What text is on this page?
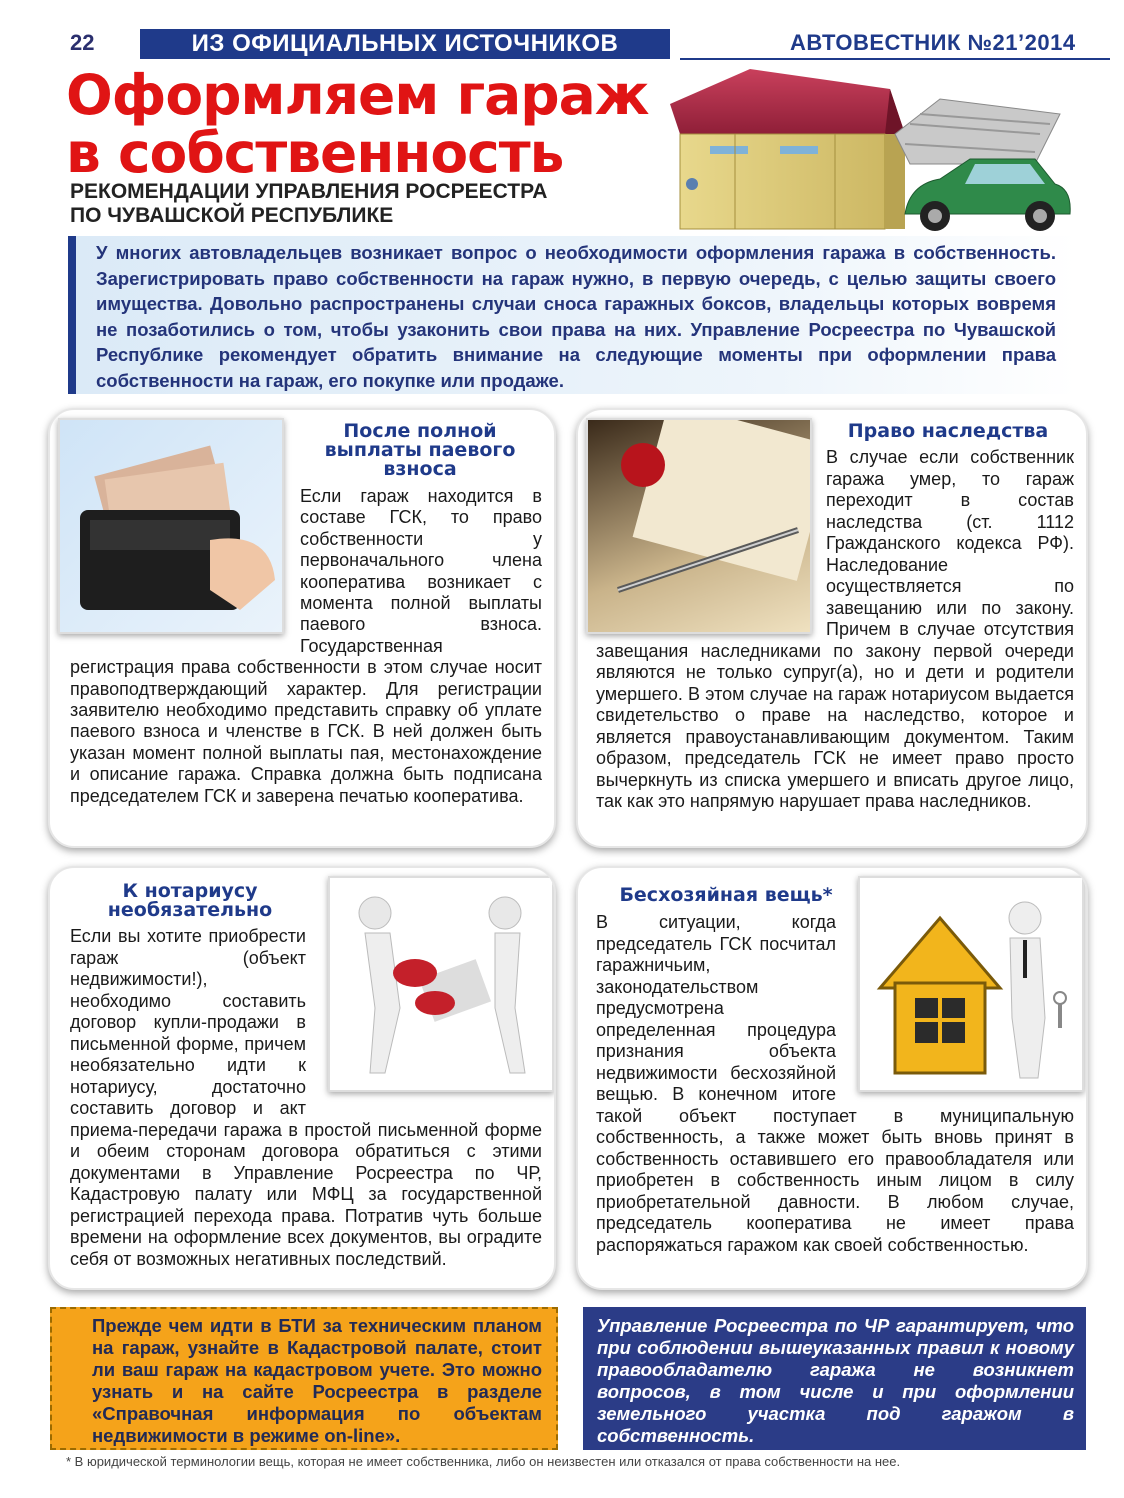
22	ИЗ ОФИЦИАЛЬНЫХ ИСТОЧНИКОВ	АВТОВЕСТНИК №21’2014
Оформляем гараж
в собственность
РЕКОМЕНДАЦИИ УПРАВЛЕНИЯ РОСРЕЕСТРА
ПО ЧУВАШСКОЙ РЕСПУБЛИКЕ

У многих автовладельцев возникает вопрос о необходимости оформления гаража в собственность. Зарегистрировать право собственности на гараж нужно, в первую очередь, с целью защиты своего имущества. Довольно распространены случаи сноса гаражных боксов, владельцы которых вовремя не позаботились о том, чтобы узаконить свои права на них. Управление Росреестра по Чувашской Республике рекомендует обратить внимание на следующие моменты при оформлении права собственности на гараж, его покупке или продаже.

После полной
выплаты паевого
взноса
Если гараж находится в составе ГСК, то право собственности у первоначального члена кооператива возникает с момента полной выплаты паевого взноса. Государственная регистрация права собственности в этом случае носит правоподтверждающий характер. Для регистрации заявителю необходимо представить справку об уплате паевого взноса и членстве в ГСК. В ней должен быть указан момент полной выплаты пая, местонахождение и описание гаража. Справка должна быть подписана председателем ГСК и заверена печатью кооператива.
Право наследства
В случае если собственник гаража умер, то гараж переходит в состав наследства (ст. 1112 Гражданского кодекса РФ). Наследование осуществляется по завещанию или по закону. Причем в случае отсутствия завещания наследниками по закону первой очереди являются не только супруг(а), но и дети и родители умершего. В этом случае на гараж нотариусом выдается свидетельство о праве на наследство, которое и является правоустанавливающим документом. Таким образом, председатель ГСК не имеет право просто вычеркнуть из списка умершего и вписать другое лицо, так как это напрямую нарушает права наследников.
К нотариусу
необязательно
Если вы хотите приобрести гараж (объект недвижимости!), необходимо составить договор купли-продажи в письменной форме, причем необязательно идти к нотариусу, достаточно составить договор и акт приема-передачи гаража в простой письменной форме и обеим сторонам договора обратиться с этими документами в Управление Росреестра по ЧР, Кадастровую палату или МФЦ за государственной регистрацией перехода права. Потратив чуть больше времени на оформление всех документов, вы оградите себя от возможных негативных последствий.
Бесхозяйная вещь*
В ситуации, когда председатель ГСК посчитал гаражничьим, законодательством предусмотрена определенная процедура признания объекта недвижимости бесхозяйной вещью. В конечном итоге такой объект поступает в муниципальную собственность, а также может быть вновь принят в собственность оставившего его правообладателя или приобретен в собственность иным лицом в силу приобретательной давности. В любом случае, председатель кооператива не имеет права распоряжаться гаражом как своей собственностью.

Прежде чем идти в БТИ за техническим планом на гараж, узнайте в Кадастровой палате, стоит ли ваш гараж на кадастровом учете. Это можно узнать и на сайте Росреестра в разделе «Справочная информация по объектам недвижимости в режиме on-line».

Управление Росреестра по ЧР гарантирует, что при соблюдении вышеуказанных правил к новому правообладателю гаража не возникнет вопросов, в том числе и при оформлении земельного участка под гаражом в собственность.

* В юридической терминологии вещь, которая не имеет собственника, либо он неизвестен или отказался от права собственности на нее.
